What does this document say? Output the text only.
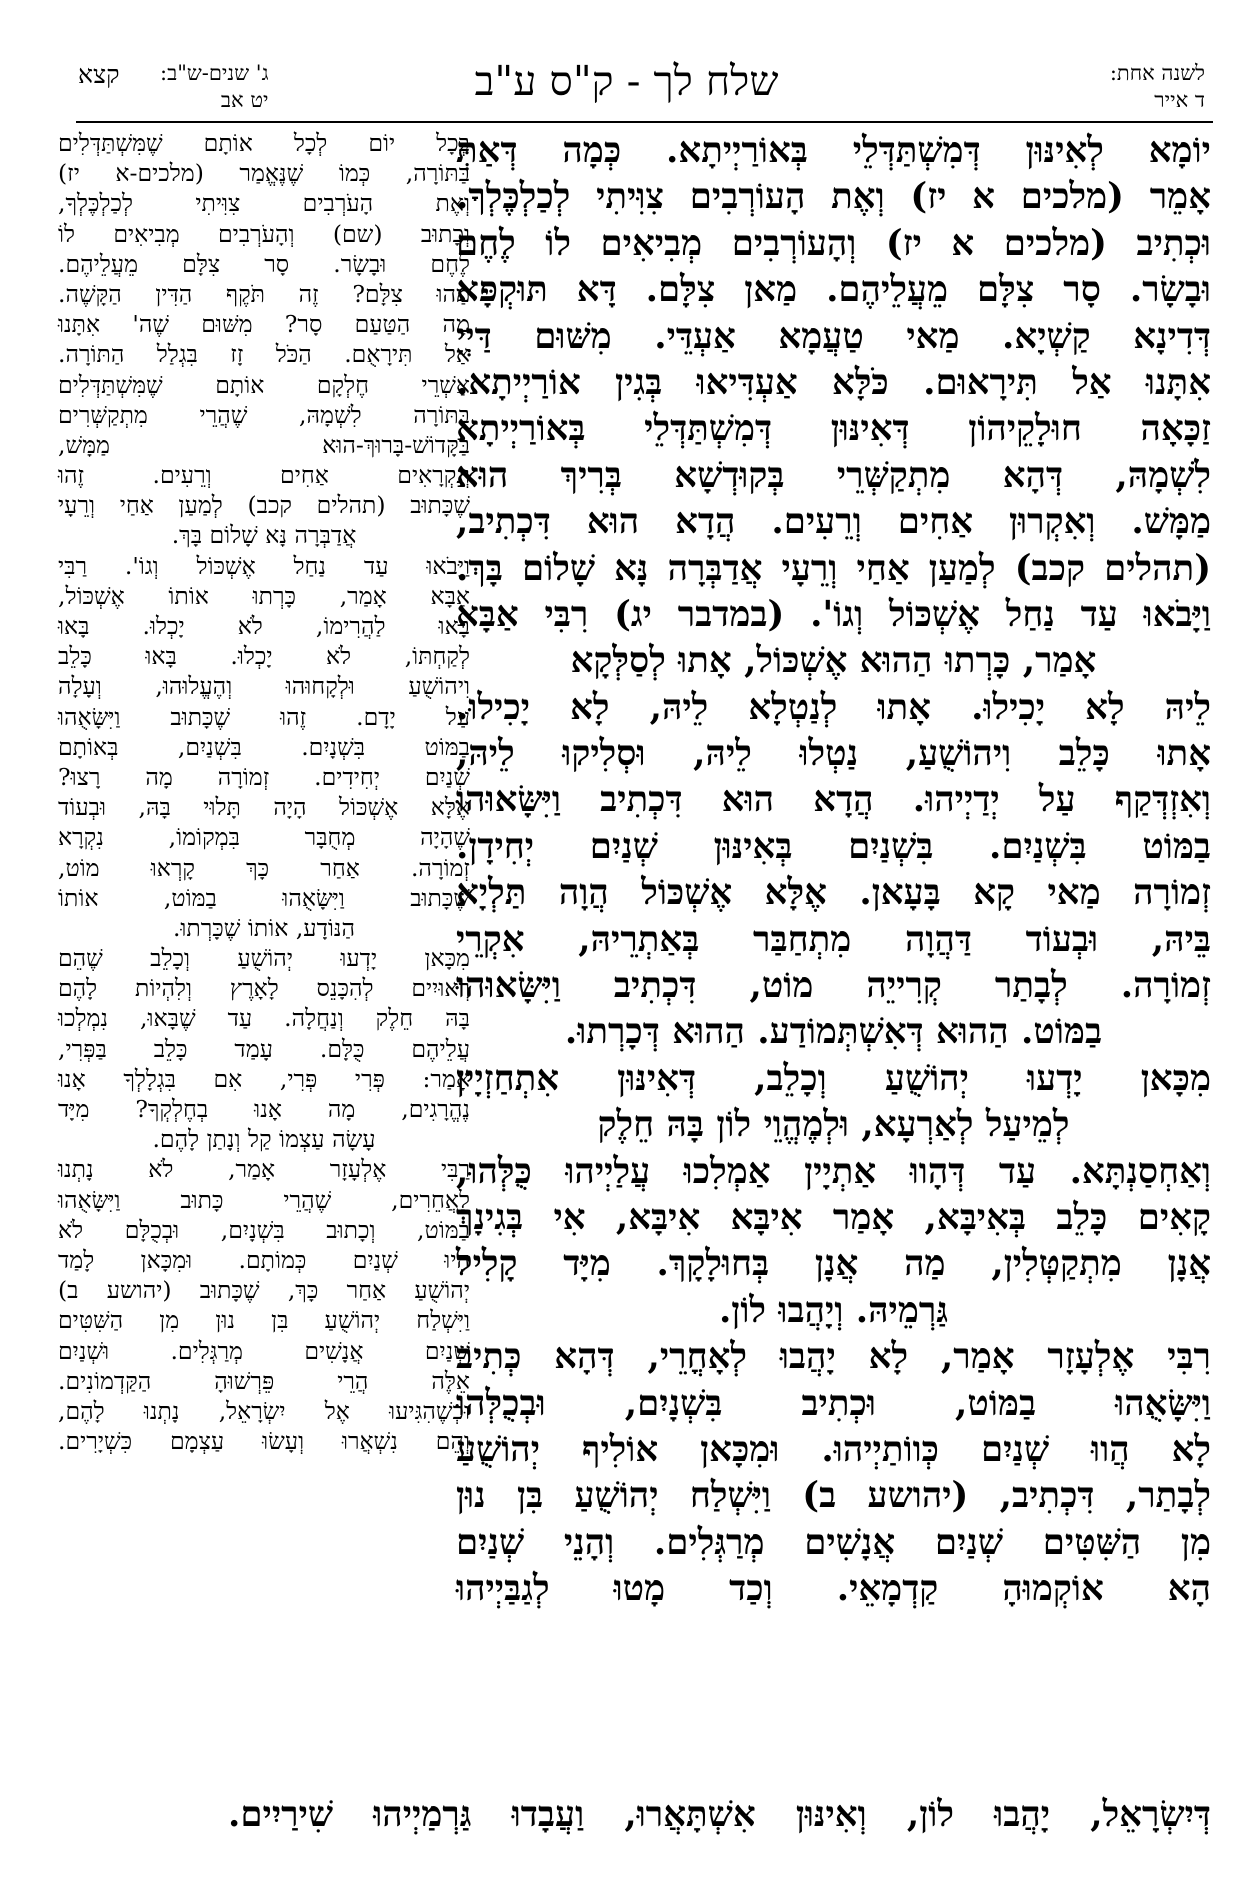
לשנה אחת:
ד אייר
שלח לך - ק"ס ע"ב
ג' שנים-ש"ב:
יט אב
קצא
יוֹמָא לְאִינּוּן דְּמִשְׁתַּדְּלֵי בְּאוֹרַיְיתָא. כְּמָה דְּאַתְּ
אָמֵר (מלכים א יז) וְאֶת הָעוֹרְבִים צִוִּיתִי לְכַלְכֶּלְךָ.
וּכְתִיב (מלכים א יז) וְהָעוֹרְבִים מְבִיאִים לוֹ לֶחֶם
וּבָשָׂר. סָר צִלָּם מֵעֲלֵיהֶם. מַאן צִלָּם. דָּא תּוּקְפָּא
דְּדִינָא קַשְׁיָא. מַאי טַעֲמָא אַעְדֵּי. מִשּׁוּם דַּיְיָ
אִתָּנוּ אַל תִּירָאוּם. כֹּלָּא אַעְדִּיאוּ בְּגִין אוֹרַיְיתָא.
זַכָּאָה חוּלָקֵיהוֹן דְּאִינּוּן דְּמִשְׁתַּדְּלֵי בְּאוֹרַיְיתָא
לִשְׁמָהּ, דְּהָא מִתְקַשְּׁרֵי בְּקוּדְשָׁא בְּרִיךְ הוּא
מַמָּשׁ. וְאִקְרוּן אַחִים וְרֵעִים. הֲדָא הוּא דִּכְתִיב,
(תהלים קכב) לְמַעַן אַחַי וְרֵעָי אֲדַבְּרָה נָּא שָׁלוֹם בָּךְ.
וַיָּבֹאוּ עַד נַחַל אֶשְׁכּוֹל וְגוֹ'. (במדבר יג) רִבִּי אַבָּא
אָמַר, כָּרְתוּ הַהוּא אֶשְׁכּוֹל, אָתוּ לְסַלְּקָא
לֵיהּ לָא יָכִילוּ. אָתוּ לְנַטְלָא לֵיהּ, לָא יָכִילוּ.
אָתוּ כָּלֵב וִיהוֹשֻׁעַ, נַטְלוּ לֵיהּ, וּסְלִיקוּ לֵיהּ,
וְאִזְדְּקַף עַל יְדַיְיהוּ. הֲדָא הוּא דִּכְתִיב וַיִּשָּׂאוּהוּ
בַמּוֹט בִּשְׁנַיִם. בִּשְׁנַיִם בְּאִינּוּן שְׁנַיִם יְחִידָן.
זְמוֹרָה מַאי קָא בָּעָאן. אֶלָּא אֶשְׁכּוֹל הֲוָה תַּלְיָא
בֵּיהּ, וּבְעוֹד דַּהֲוָה מִתְחַבַּר בְּאַתְרֵיהּ, אִקְרֵי
זְמוֹרָה. לְבָתַר קְרִייֵה מוֹט, דִּכְתִיב וַיִּשָּׂאוּהוּ
בַמּוֹט. הַהוּא דְּאִשְׁתְּמוֹדַע. הַהוּא דְּכָרְתוּ.
מִכָּאן יָדְעוּ יְהוֹשֻׁעַ וְכָלֵב, דְּאִינּוּן אִתְחַזְיָין
לְמֵיעַל לְאַרְעָא, וּלְמֶהֱוֵי לוֹן בָּהּ חֵלֶק
וְאַחְסַנְתָּא. עַד דְּהָווּ אַתְיָין אַמְלִכוּ עֲלַיְיהוּ כֻּלְּהוּ,
קָאִים כָּלֵב בְּאִיבָּא, אָמַר אִיבָּא אִיבָּא, אִי בְּגִינָךְ
אֲנָן מִתְקַטְּלִין, מַה אֲנָן בְּחוּלָקָךְ. מִיָּד קָלִיל
גַּרְמֵיהּ. וְיָהֲבוּ לוֹן.
רִבִּי אֶלְעָזָר אָמַר, לָא יָהֲבוּ לְאָחֳרֵי, דְּהָא כְּתִיב
וַיִּשָּׂאֻהוּ בַמּוֹט, וּכְתִיב בִּשְׁנָיִם, וּבְכֻלְּהוּ
לָא הֲווּ שְׁנַיִם כְּווֹתַיְיהוּ. וּמִכָּאן אוֹלִיף יְהוֹשֻׁעַ
לְבָתַר, דִּכְתִיב, (יהושע ב) וַיִּשְׁלַח יְהוֹשֻׁעַ בִּן נוּן
מִן הַשִּׁטִּים שְׁנַיִם אֲנָשִׁים מְרַגְּלִים. וְהָנֵי שְׁנַיִם
הָא אוֹקְמוּהָ קַדְמָאֵי. וְכַד מָטוּ לְגַבַּיְיהוּ
בְּכָל יוֹם לְכָל אוֹתָם שֶׁמִּשְׁתַּדְּלִים
בַּתּוֹרָה, כְּמוֹ שֶׁנֶּאֱמַר (מלכים-א יז)
וְאֶת הָעֹרְבִים צִוִּיתִי לְכַלְכֶּלְךָ,
וְכָתוּב (שם) וְהָעֹרְבִים מְבִיאִים לוֹ
לֶחֶם וּבָשָׂר. סָר צִלָּם מֵעֲלֵיהֶם.
מַהוּ צִלָּם? זֶה תֹּקֶף הַדִּין הַקָּשֶׁה.
מָה הַטַּעַם סָר? מִשּׁוּם שֶׁה' אִתָּנוּ
אַל תִּירָאֻם. הַכֹּל זָז בִּגְלַל הַתּוֹרָה.
אַשְׁרֵי חֶלְקָם אוֹתָם שֶׁמִּשְׁתַּדְּלִים
בַּתּוֹרָה לִשְׁמָהּ, שֶׁהֲרֵי מִתְקַשְּׁרִים
בַּקָּדוֹשׁ-בָּרוּךְ-הוּא מַמָּשׁ,
וְנִקְרָאִים אַחִים וְרֵעִים. זֶהוּ
שֶׁכָּתוּב (תהלים קכב) לְמַעַן אַחַי וְרֵעָי
אֲדַבְּרָה נָּא שָׁלוֹם בָּךְ.
וַיָּבֹאוּ עַד נַחַל אֶשְׁכּוֹל וְגוֹ'. רַבִּי
אַבָּא אָמַר, כָּרְתוּ אוֹתוֹ אֶשְׁכּוֹל,
בָּאוּ לַהֲרִימוֹ, לֹא יָכְלוּ. בָּאוּ
לְקַחְתּוֹ, לֹא יָכְלוּ. בָּאוּ כָּלֵב
וִיהוֹשֻׁעַ וּלְקָחוּהוּ וְהֶעֱלוּהוּ, וְעָלָה
עַל יָדָם. זֶהוּ שֶׁכָּתוּב וַיִּשָּׂאֻהוּ
בַמּוֹט בִּשְׁנָיִם. בִּשְׁנַיִם, בְּאוֹתָם
שְׁנַיִם יְחִידִים. זְמוֹרָה מָה רָצוּ?
אֶלָּא אֶשְׁכּוֹל הָיָה תָּלוּי בָּהּ, וּבְעוֹד
שֶׁהָיָה מְחֻבָּר בִּמְקוֹמוֹ, נִקְרָא
זְמוֹרָה. אַחַר כָּךְ קָרְאוּ מוֹט,
שֶׁכָּתוּב וַיִּשָּׂאֻהוּ בַמּוֹט, אוֹתוֹ
הַנּוֹדָע, אוֹתוֹ שֶׁכָּרְתוּ.
מִכָּאן יָדְעוּ יְהוֹשֻׁעַ וְכָלֵב שֶׁהֵם
רְאוּיִים לְהִכָּנֵס לָאָרֶץ וְלִהְיוֹת לָהֶם
בָּהּ חֵלֶק וְנַחֲלָה. עַד שֶׁבָּאוּ, נִמְלְכוּ
עֲלֵיהֶם כֻּלָּם. עָמַד כָּלֵב בַּפְּרִי,
אָמַר: פְּרִי פְּרִי, אִם בִּגְלָלְךָ אָנוּ
נֶהֱרָגִים, מָה אָנוּ בְחֶלְקְךָ? מִיָּד
עָשָׂה עַצְמוֹ קַל וְנָתַן לָהֶם.
רַבִּי אֶלְעָזָר אָמַר, לֹא נָתְנוּ
לַאֲחֵרִים, שֶׁהֲרֵי כָּתוּב וַיִּשָּׂאֻהוּ
בַמּוֹט, וְכָתוּב בִּשְׁנָיִם, וּבְכֻלָּם לֹא
הָיוּ שְׁנַיִם כְּמוֹתָם. וּמִכָּאן לָמַד
יְהוֹשֻׁעַ אַחַר כָּךְ, שֶׁכָּתוּב (יהושע ב)
וַיִּשְׁלַח יְהוֹשֻׁעַ בִּן נוּן מִן הַשִּׁטִּים
שְׁנַיִם אֲנָשִׁים מְרַגְּלִים. וּשְׁנַיִם
אֵלֶּה הֲרֵי פֵּרְשׁוּהָ הַקַּדְמוֹנִים.
וּכְשֶׁהִגִּיעוּ אֶל יִשְׂרָאֵל, נָתְנוּ לָהֶם,
וְהֵם נִשְׁאֲרוּ וְעָשׂוּ עַצְמָם כִּשְׁיָרִים.
דְּיִשְׂרָאֵל, יָהֲבוּ לוֹן, וְאִינּוּן אִשְׁתָּאֲרוּ, וַעֲבָדוּ גַּרְמַיְיהוּ שִׁירַיִים.
